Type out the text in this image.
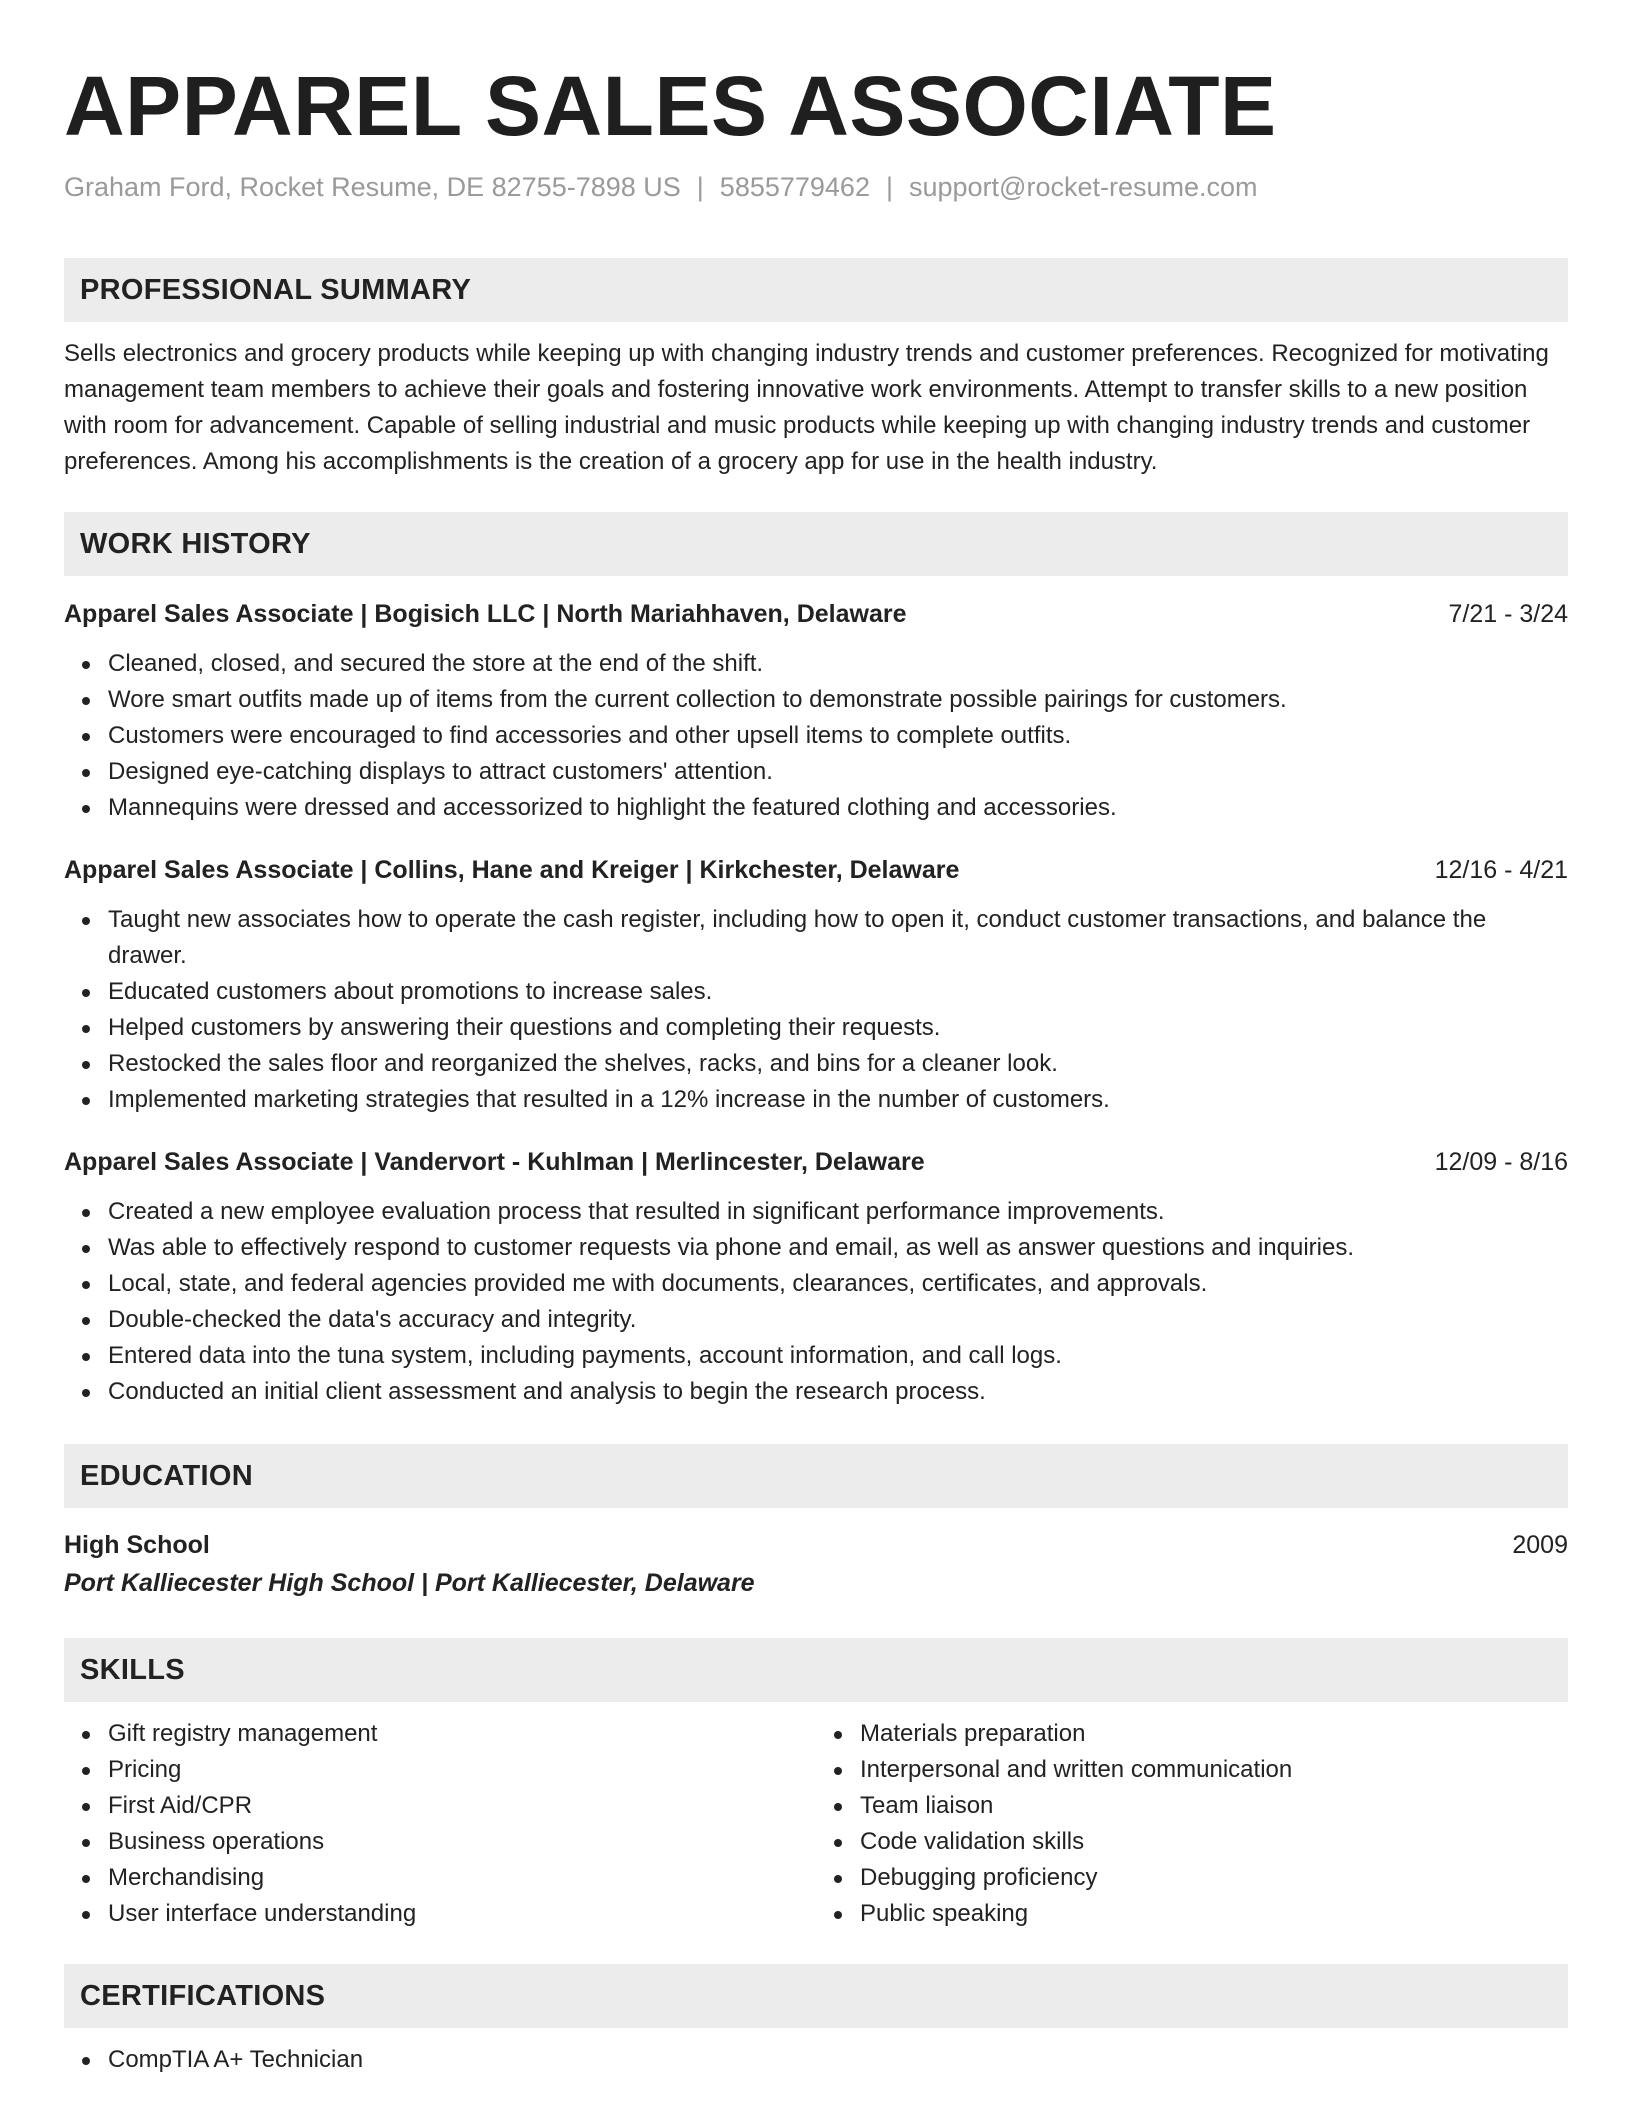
APPAREL SALES ASSOCIATE
Graham Ford, Rocket Resume, DE 82755-7898 US | 5855779462 | support@rocket-resume.com
PROFESSIONAL SUMMARY
Sells electronics and grocery products while keeping up with changing industry trends and customer preferences. Recognized for motivating management team members to achieve their goals and fostering innovative work environments. Attempt to transfer skills to a new position with room for advancement. Capable of selling industrial and music products while keeping up with changing industry trends and customer preferences. Among his accomplishments is the creation of a grocery app for use in the health industry.
WORK HISTORY
Apparel Sales Associate | Bogisich LLC | North Mariahhaven, Delaware	7/21 - 3/24
Cleaned, closed, and secured the store at the end of the shift.
Wore smart outfits made up of items from the current collection to demonstrate possible pairings for customers.
Customers were encouraged to find accessories and other upsell items to complete outfits.
Designed eye-catching displays to attract customers' attention.
Mannequins were dressed and accessorized to highlight the featured clothing and accessories.
Apparel Sales Associate | Collins, Hane and Kreiger | Kirkchester, Delaware	12/16 - 4/21
Taught new associates how to operate the cash register, including how to open it, conduct customer transactions, and balance the drawer.
Educated customers about promotions to increase sales.
Helped customers by answering their questions and completing their requests.
Restocked the sales floor and reorganized the shelves, racks, and bins for a cleaner look.
Implemented marketing strategies that resulted in a 12% increase in the number of customers.
Apparel Sales Associate | Vandervort - Kuhlman | Merlincester, Delaware	12/09 - 8/16
Created a new employee evaluation process that resulted in significant performance improvements.
Was able to effectively respond to customer requests via phone and email, as well as answer questions and inquiries.
Local, state, and federal agencies provided me with documents, clearances, certificates, and approvals.
Double-checked the data's accuracy and integrity.
Entered data into the tuna system, including payments, account information, and call logs.
Conducted an initial client assessment and analysis to begin the research process.
EDUCATION
High School	2009
Port Kalliecester High School | Port Kalliecester, Delaware
SKILLS
Gift registry management
Pricing
First Aid/CPR
Business operations
Merchandising
User interface understanding
Materials preparation
Interpersonal and written communication
Team liaison
Code validation skills
Debugging proficiency
Public speaking
CERTIFICATIONS
CompTIA A+ Technician
